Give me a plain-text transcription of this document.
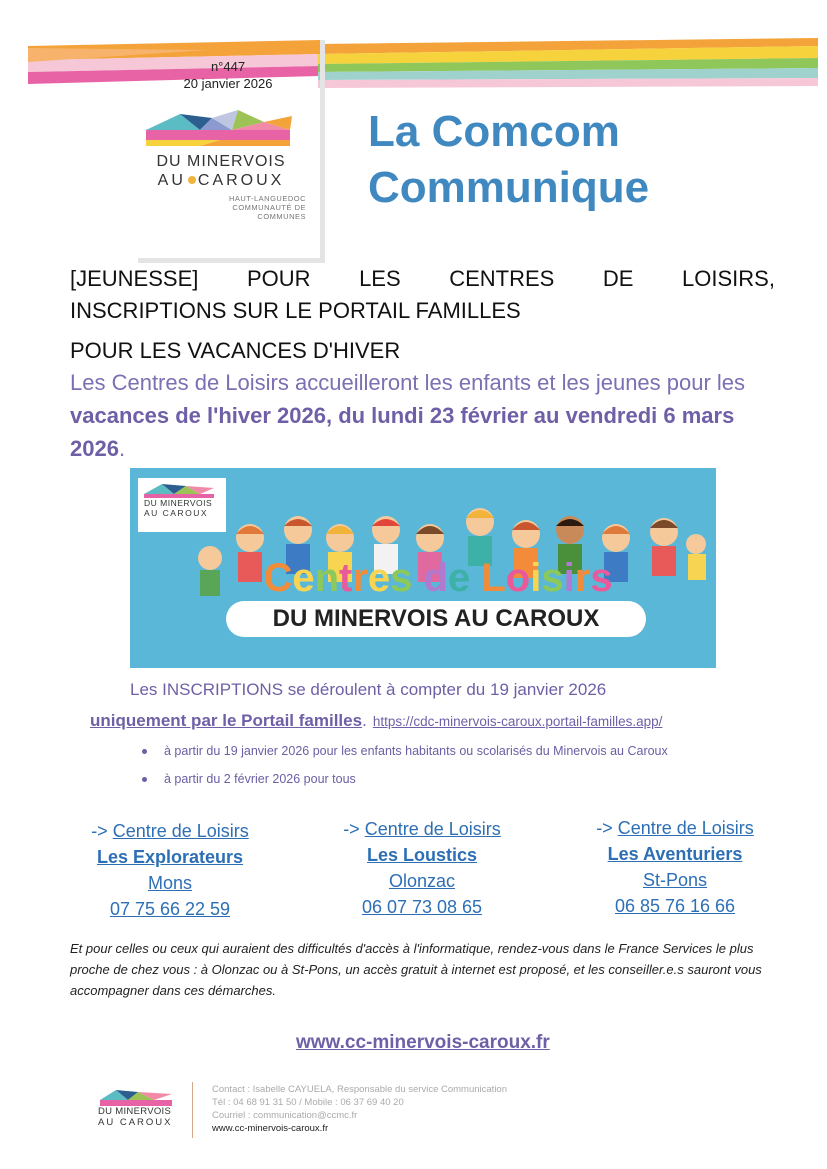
n°447
20 janvier 2026
DU MINERVOIS
AU CAROUX
HAUT-LANGUEDOC
COMMUNAUTÉ DE COMMUNES
La Comcom
Communique
[JEUNESSE] POUR LES CENTRES DE LOISIRS,
INSCRIPTIONS SUR LE PORTAIL FAMILLES
POUR LES VACANCES D'HIVER
Les Centres de Loisirs accueilleront les enfants et les jeunes pour les vacances de l'hiver 2026, du lundi 23 février au vendredi 6 mars 2026.
DU MINERVOIS
AU CAROUX
Centres de Loisirs
DU MINERVOIS AU CAROUX
Les INSCRIPTIONS se déroulent à compter du 19 janvier 2026
uniquement par le Portail familles. https://cdc-minervois-caroux.portail-familles.app/
à partir du 19 janvier 2026 pour les enfants habitants ou scolarisés du Minervois au Caroux
à partir du 2 février 2026 pour tous
-> Centre de Loisirs
Les Explorateurs
Mons
07 75 66 22 59
-> Centre de Loisirs
Les Loustics
Olonzac
06 07 73 08 65
-> Centre de Loisirs
Les Aventuriers
St-Pons
06 85 76 16 66
Et pour celles ou ceux qui auraient des difficultés d'accès à l'informatique, rendez-vous dans le France Services le plus proche de chez vous : à Olonzac ou à St-Pons, un accès gratuit à internet est proposé, et les conseiller.e.s sauront vous accompagner dans ces démarches.
www.cc-minervois-caroux.fr
DU MINERVOIS
AU CAROUX
Contact : Isabelle CAYUELA, Responsable du service Communication
Tél : 04 68 91 31 50 / Mobile : 06 37 69 40 20
Courriel : communication@ccmc.fr
www.cc-minervois-caroux.fr
